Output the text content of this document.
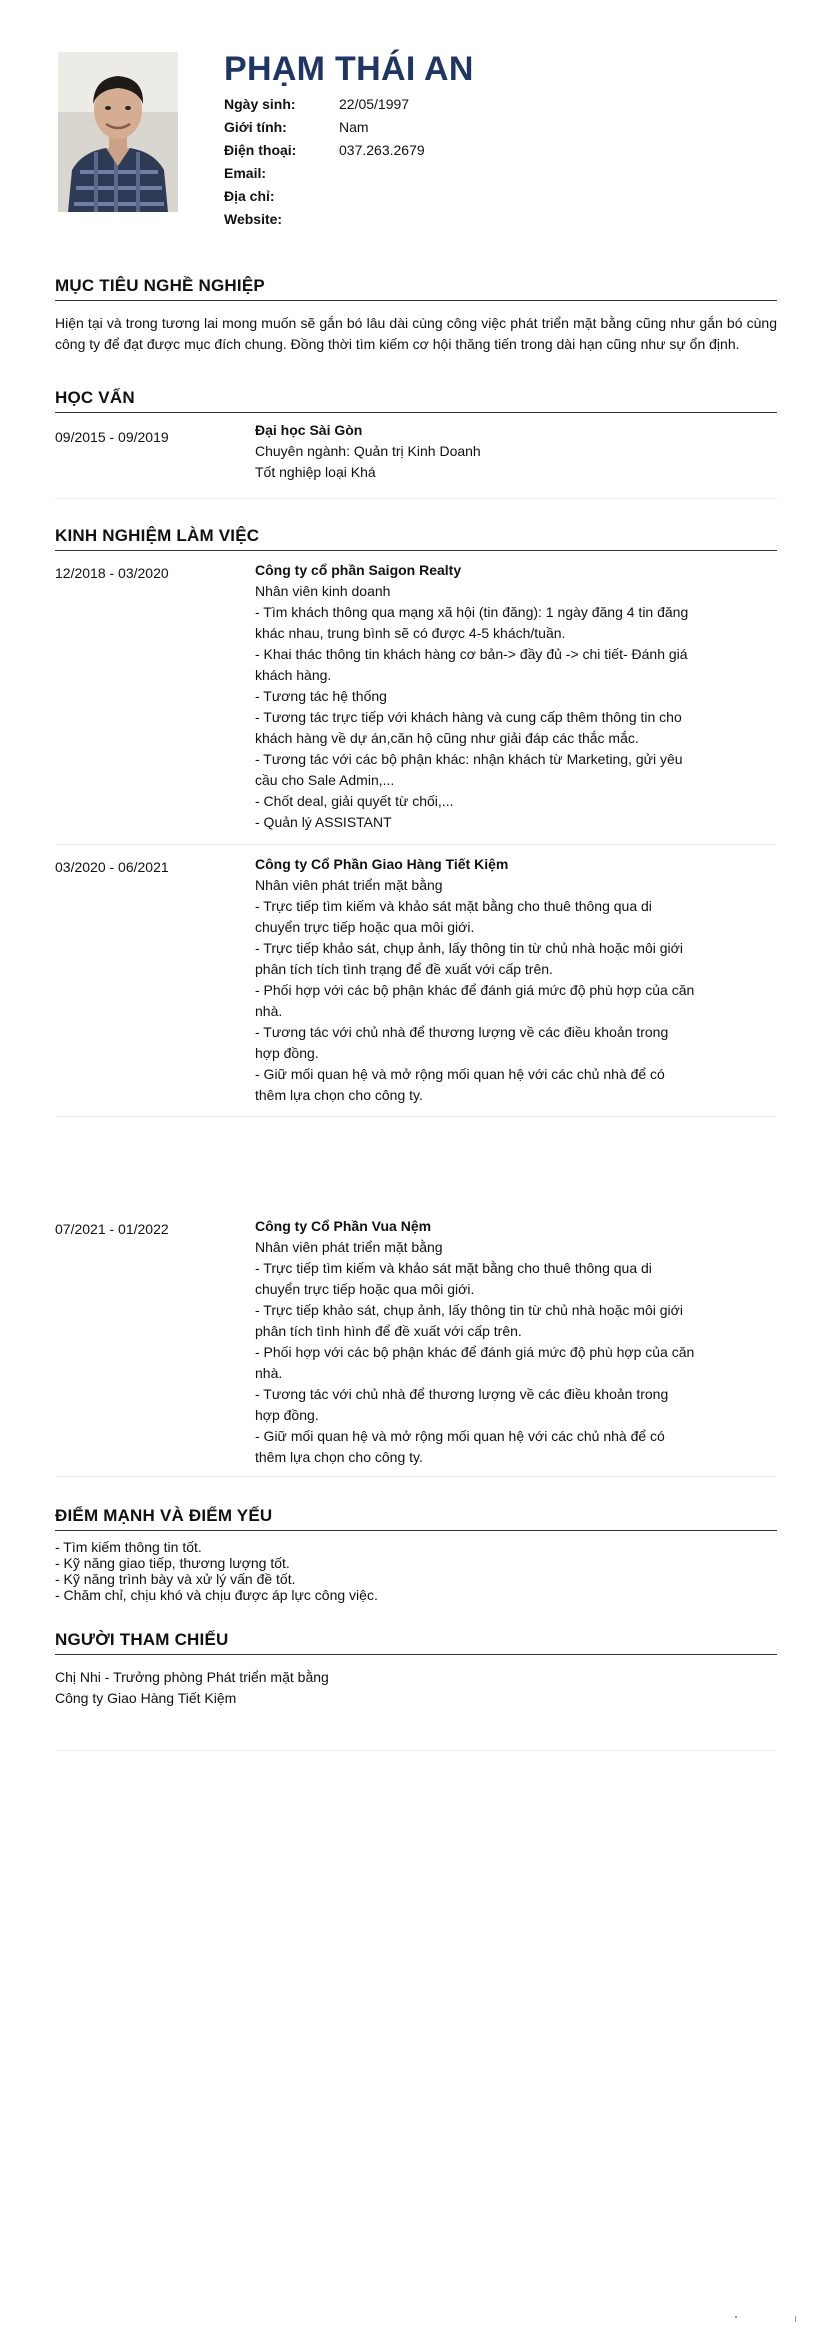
PHẠM THÁI AN
Ngày sinh:	22/05/1997
Giới tính:	Nam
Điện thoại:	037.263.2679
Email:
Địa chỉ:
Website:
MỤC TIÊU NGHỀ NGHIỆP
Hiện tại và trong tương lai mong muốn sẽ gắn bó lâu dài cùng công việc phát triển mặt bằng cũng như gắn bó cùng công ty để đạt được mục đích chung. Đồng thời tìm kiếm cơ hội thăng tiến trong dài hạn cũng như sự ổn định.
HỌC VẤN
09/2015 - 09/2019	Đại học Sài Gòn
Chuyên ngành: Quản trị Kinh Doanh
Tốt nghiệp loại Khá
KINH NGHIỆM LÀM VIỆC
12/2018 - 03/2020	Công ty cổ phần Saigon Realty
Nhân viên kinh doanh
- Tìm khách thông qua mạng xã hội (tin đăng): 1 ngày đăng 4 tin đăng khác nhau, trung bình sẽ có được 4-5 khách/tuần.
- Khai thác thông tin khách hàng cơ bản-> đầy đủ -> chi tiết- Đánh giá khách hàng.
- Tương tác hệ thống
- Tương tác trực tiếp với khách hàng và cung cấp thêm thông tin cho khách hàng về dự án,căn hộ cũng như giải đáp các thắc mắc.
- Tương tác với các bộ phận khác: nhận khách từ Marketing, gửi yêu cầu cho Sale Admin,...
- Chốt deal, giải quyết từ chối,...
- Quản lý ASSISTANT
03/2020 - 06/2021	Công ty Cổ Phần Giao Hàng Tiết Kiệm
Nhân viên phát triển mặt bằng
- Trực tiếp tìm kiếm và khảo sát mặt bằng cho thuê thông qua di chuyển trực tiếp hoặc qua môi giới.
- Trực tiếp khảo sát, chụp ảnh, lấy thông tin từ chủ nhà hoặc môi giới phân tích tích tình trạng để đề xuất với cấp trên.
- Phối hợp với các bộ phận khác để đánh giá mức độ phù hợp của căn nhà.
- Tương tác với chủ nhà để thương lượng về các điều khoản trong hợp đồng.
- Giữ mối quan hệ và mở rộng mối quan hệ với các chủ nhà để có thêm lựa chọn cho công ty.
07/2021 - 01/2022	Công ty Cổ Phần Vua Nệm
Nhân viên phát triển mặt bằng
- Trực tiếp tìm kiếm và khảo sát mặt bằng cho thuê thông qua di chuyển trực tiếp hoặc qua môi giới.
- Trực tiếp khảo sát, chụp ảnh, lấy thông tin từ chủ nhà hoặc môi giới phân tích tình hình để đề xuất với cấp trên.
- Phối hợp với các bộ phận khác để đánh giá mức độ phù hợp của căn nhà.
- Tương tác với chủ nhà để thương lượng về các điều khoản trong hợp đồng.
- Giữ mối quan hệ và mở rộng mối quan hệ với các chủ nhà để có thêm lựa chọn cho công ty.
ĐIỂM MẠNH VÀ ĐIỂM YẾU
- Tìm kiếm thông tin tốt.
- Kỹ năng giao tiếp, thương lượng tốt.
- Kỹ năng trình bày và xử lý vấn đề tốt.
- Chăm chỉ, chịu khó và chịu được áp lực công việc.
NGƯỜI THAM CHIẾU
Chị Nhi - Trưởng phòng Phát triển mặt bằng
Công ty Giao Hàng Tiết Kiệm
